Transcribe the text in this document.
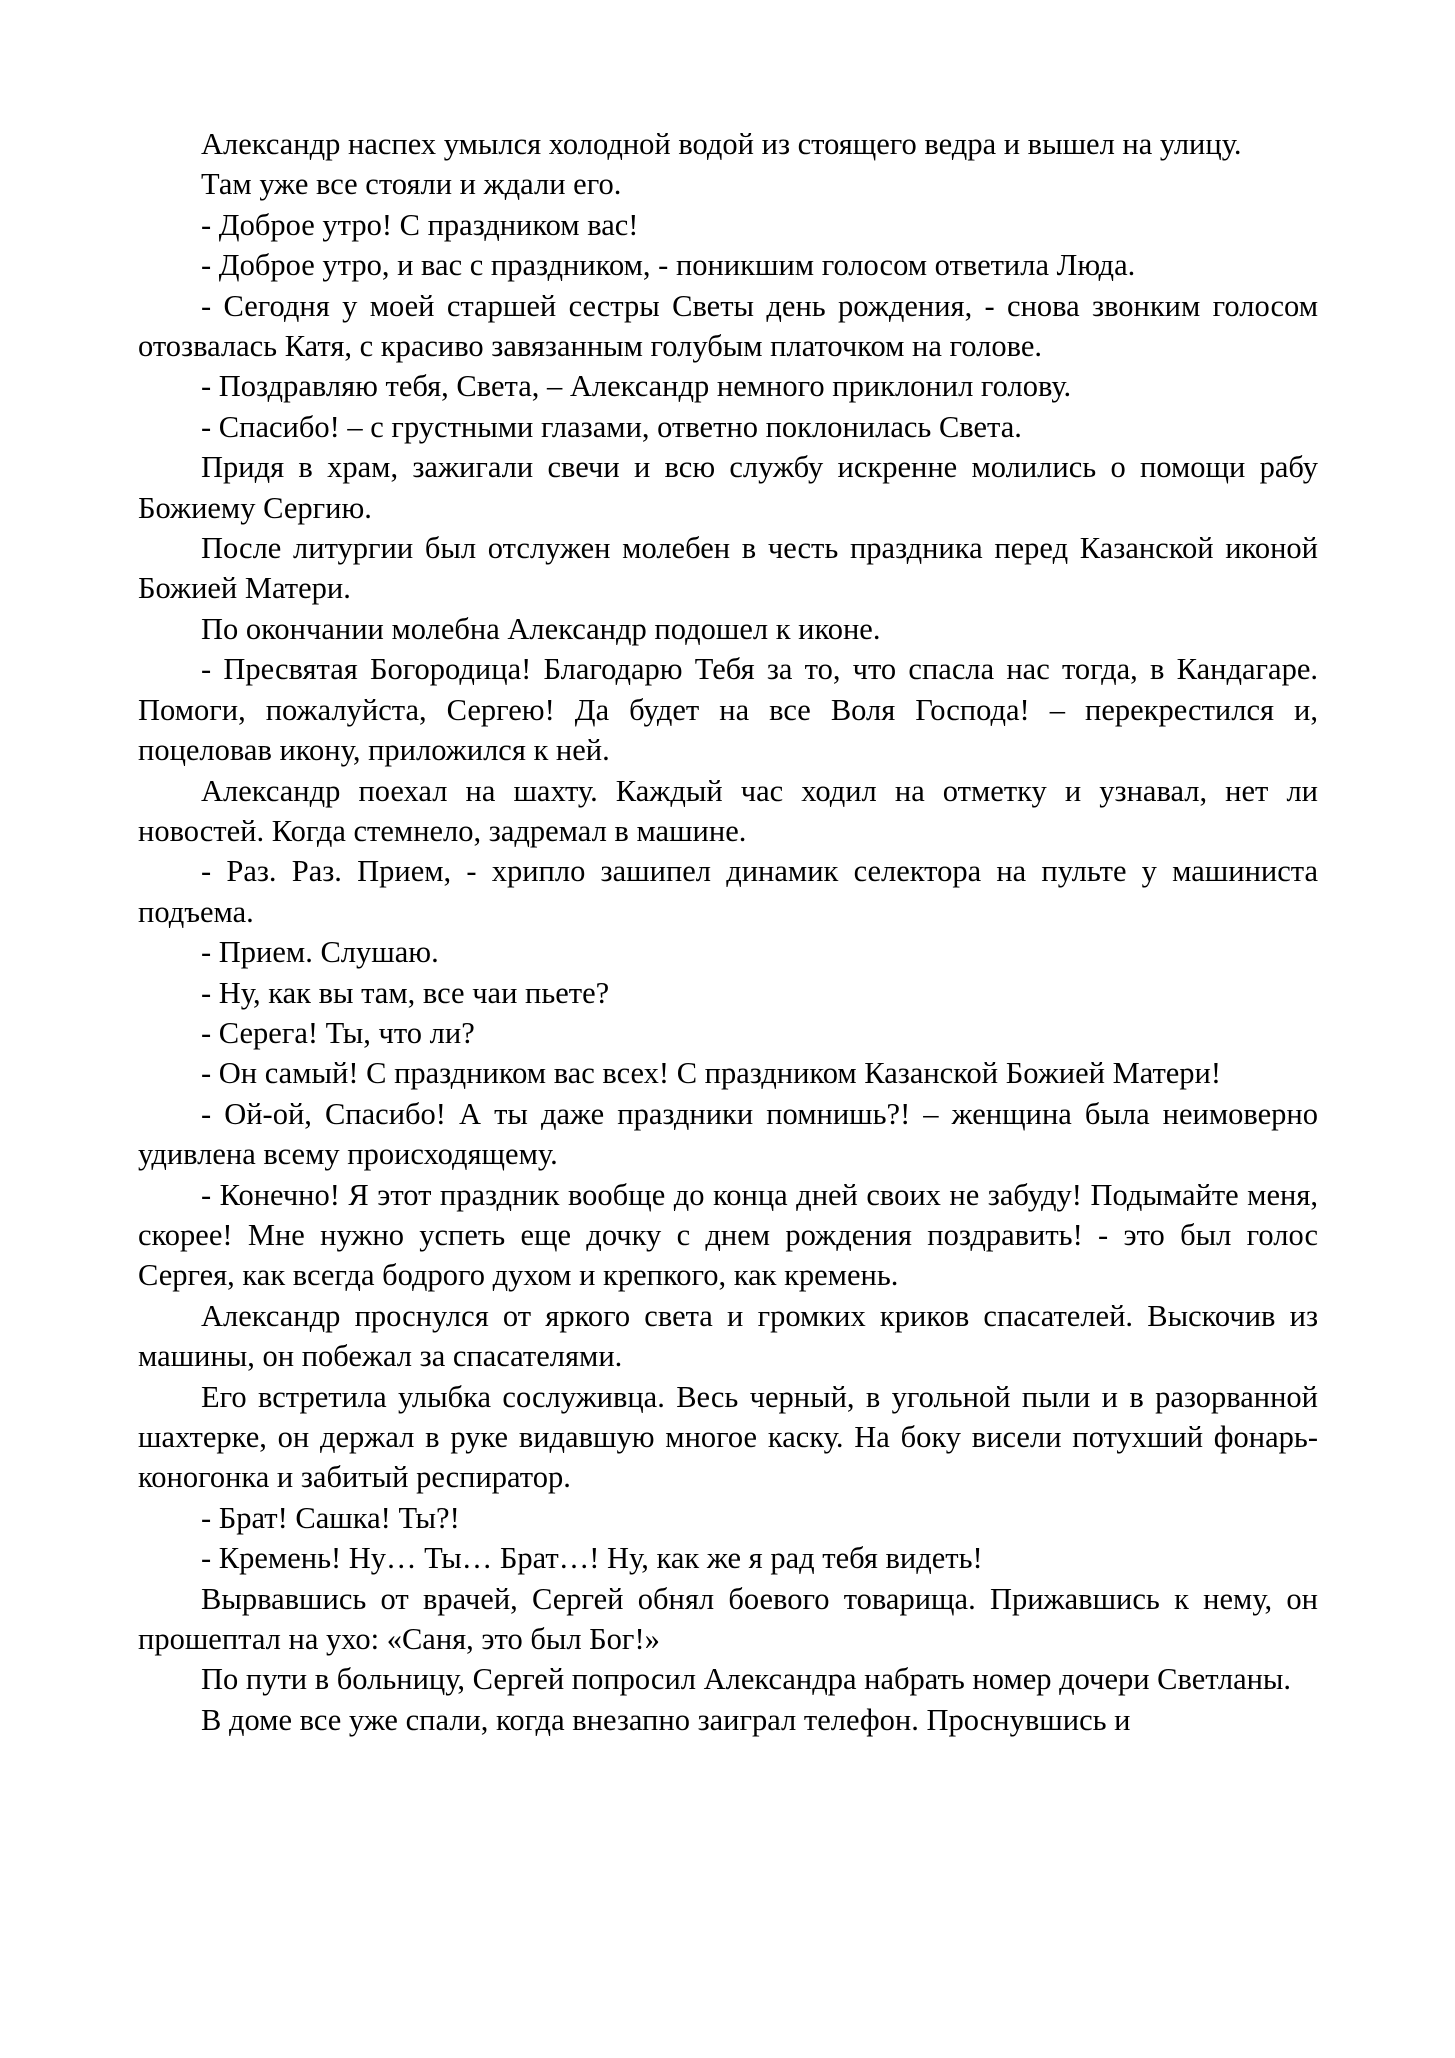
Александр наспех умылся холодной водой из стоящего ведра и вышел на улицу.

Там уже все стояли и ждали его.

- Доброе утро! С праздником вас!

- Доброе утро, и вас с праздником, - поникшим голосом ответила Люда.

- Сегодня у моей старшей сестры Светы день рождения, - снова звонким голосом отозвалась Катя, с красиво завязанным голубым платочком на голове.

- Поздравляю тебя, Света, – Александр немного приклонил голову.

- Спасибо! – с грустными глазами, ответно поклонилась Света.

Придя в храм, зажигали свечи и всю службу искренне молились о помощи рабу Божиему Сергию.

После литургии был отслужен молебен в честь праздника перед Казанской иконой Божией Матери.

По окончании молебна Александр подошел к иконе.

- Пресвятая Богородица! Благодарю Тебя за то, что спасла нас тогда, в Кандагаре. Помоги, пожалуйста, Сергею! Да будет на все Воля Господа! – перекрестился и, поцеловав икону, приложился к ней.

Александр поехал на шахту. Каждый час ходил на отметку и узнавал, нет ли новостей. Когда стемнело, задремал в машине.

- Раз. Раз. Прием, - хрипло зашипел динамик селектора на пульте у машиниста подъема.

- Прием. Слушаю.

- Ну, как вы там, все чаи пьете?

- Серега! Ты, что ли?

- Он самый! С праздником вас всех! С праздником Казанской Божией Матери!

- Ой-ой, Спасибо! А ты даже праздники помнишь?! – женщина была неимоверно удивлена всему происходящему.

- Конечно! Я этот праздник вообще до конца дней своих не забуду! Подымайте меня, скорее! Мне нужно успеть еще дочку с днем рождения поздравить! - это был голос Сергея, как всегда бодрого духом и крепкого, как кремень.

Александр проснулся от яркого света и громких криков спасателей. Выскочив из машины, он побежал за спасателями.

Его встретила улыбка сослуживца. Весь черный, в угольной пыли и в разорванной шахтерке, он держал в руке видавшую многое каску. На боку висели потухший фонарь-коногонка и забитый респиратор.

- Брат! Сашка! Ты?!

- Кремень! Ну… Ты… Брат…! Ну, как же я рад тебя видеть!

Вырвавшись от врачей, Сергей обнял боевого товарища. Прижавшись к нему, он прошептал на ухо: «Саня, это был Бог!»

По пути в больницу, Сергей попросил Александра набрать номер дочери Светланы.

В доме все уже спали, когда внезапно заиграл телефон. Проснувшись и
